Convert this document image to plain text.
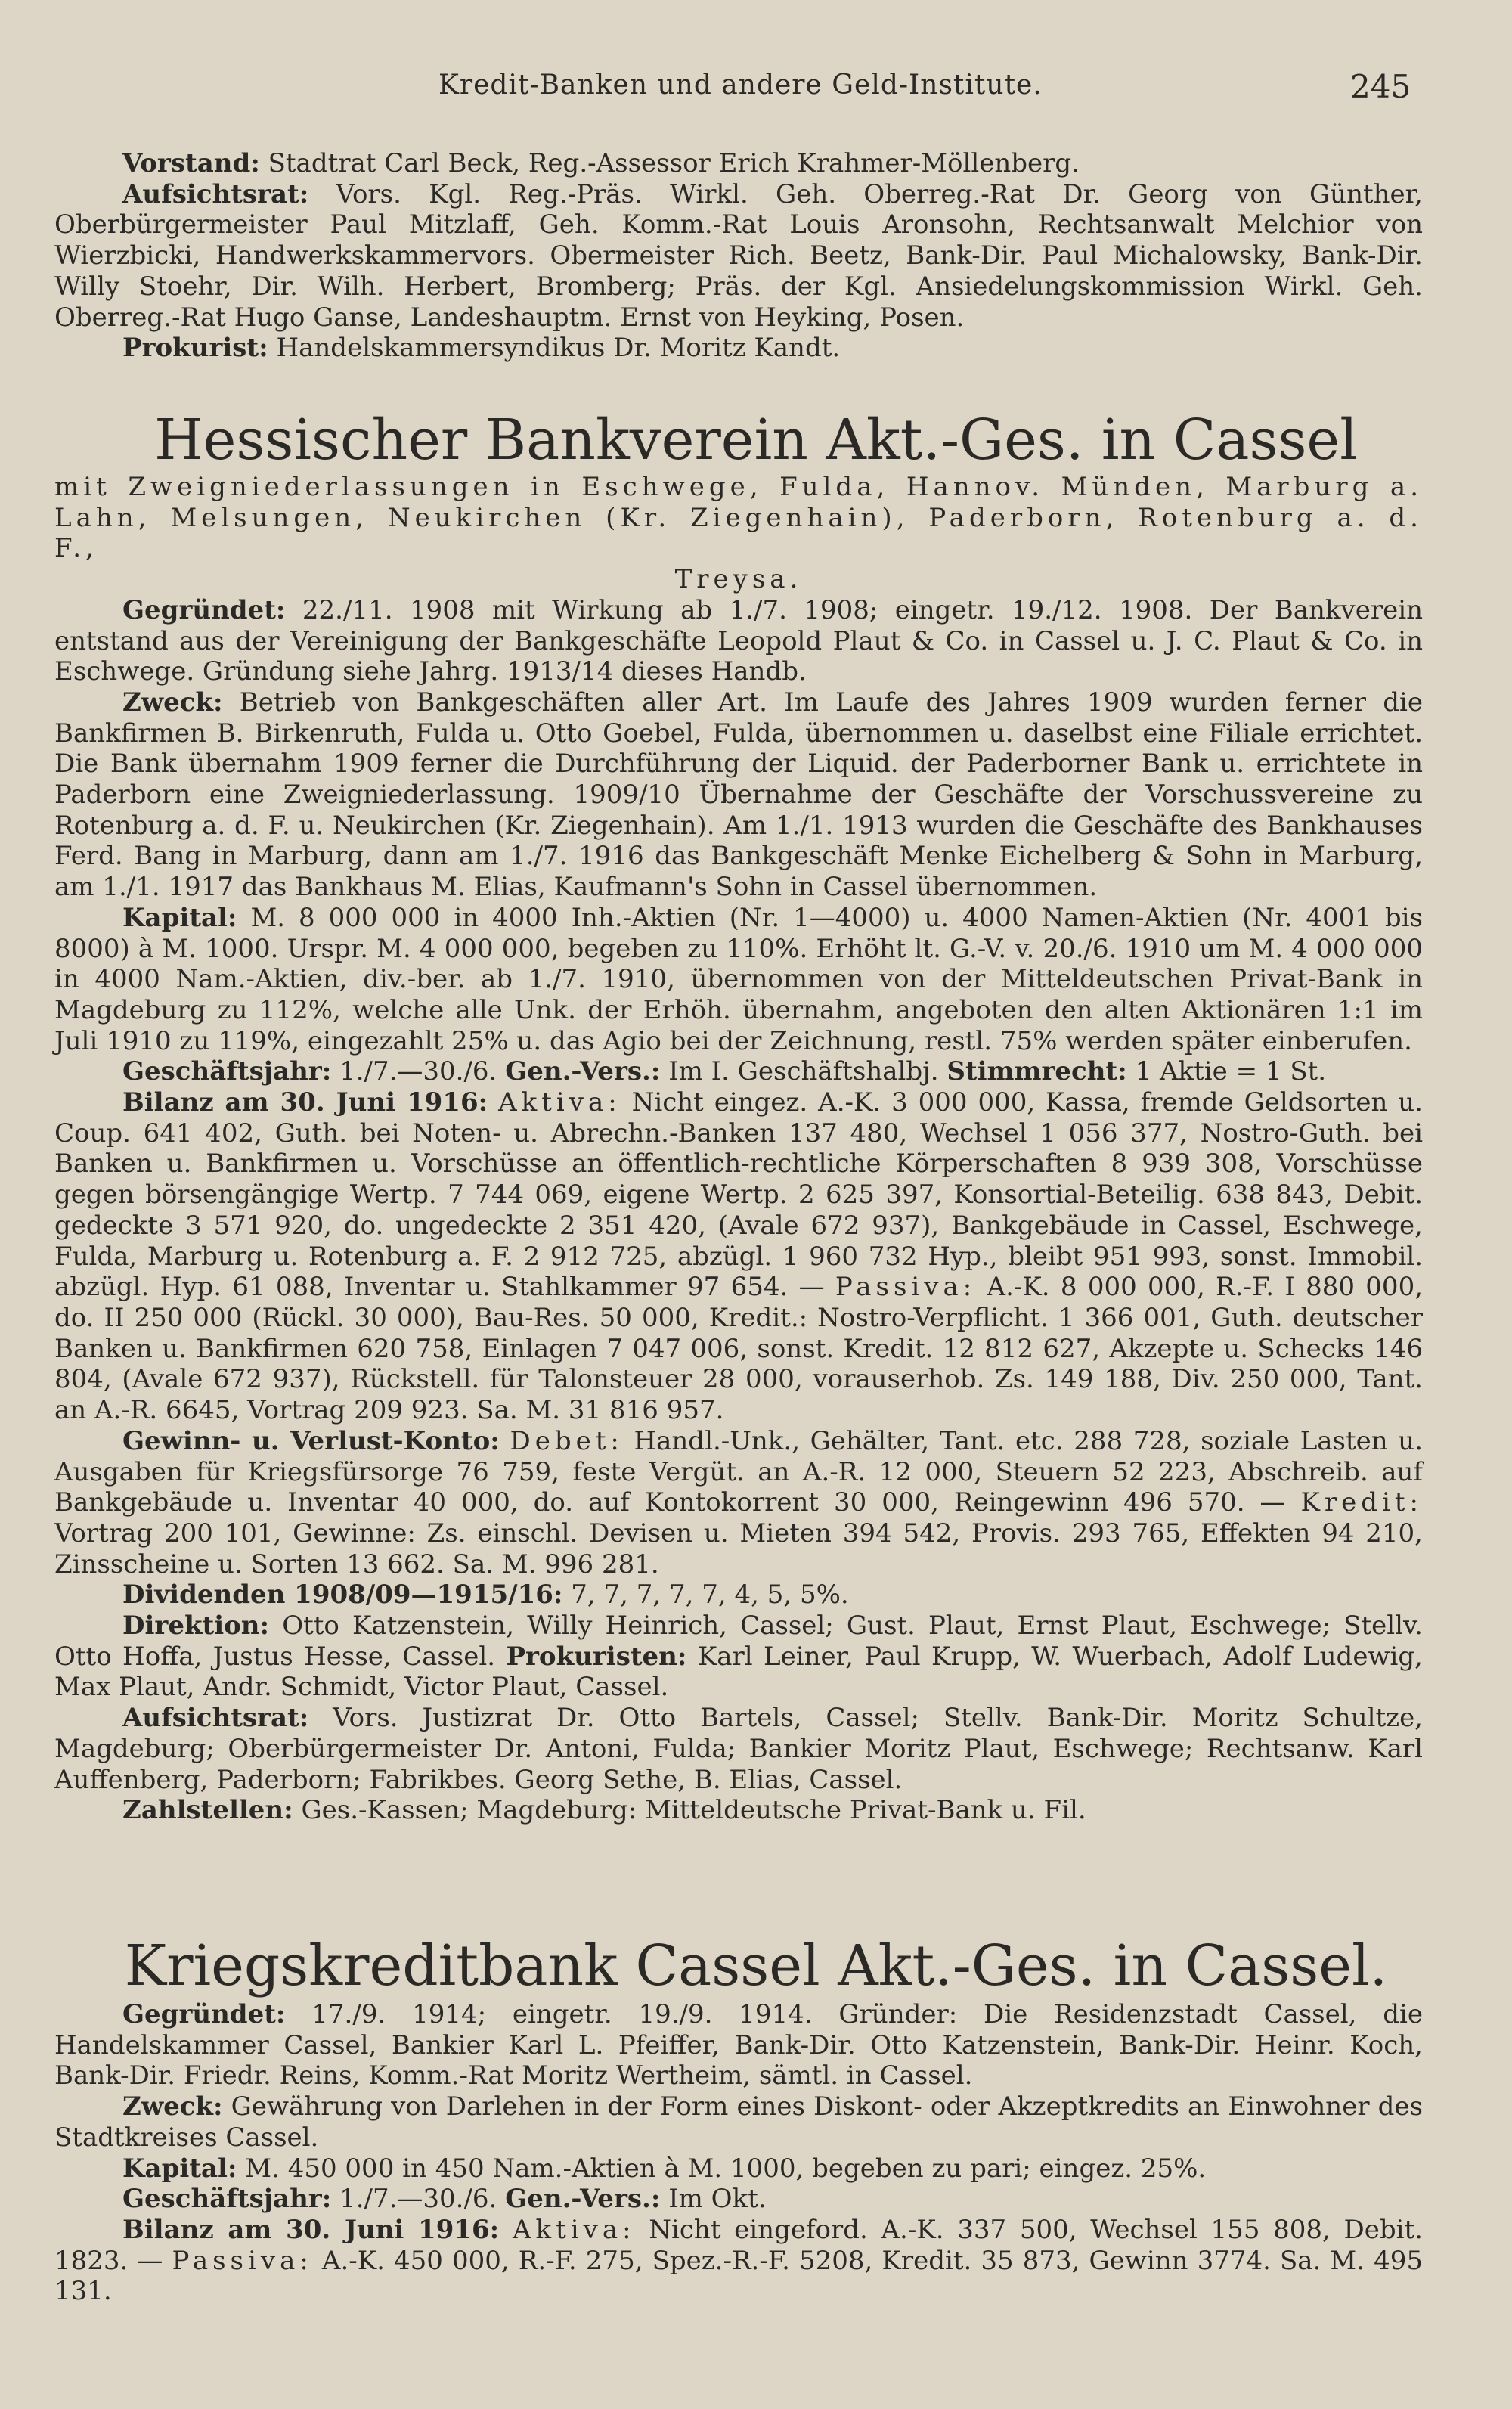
Kredit-Banken und andere Geld-Institute.	245

Vorstand: Stadtrat Carl Beck, Reg.-Assessor Erich Krahmer-Möllenberg.

Aufsichtsrat: Vors. Kgl. Reg.-Präs. Wirkl. Geh. Oberreg.-Rat Dr. Georg von Günther, Oberbürgermeister Paul Mitzlaff, Geh. Komm.-Rat Louis Aronsohn, Rechtsanwalt Melchior von Wierzbicki, Handwerkskammervors. Obermeister Rich. Beetz, Bank-Dir. Paul Michalowsky, Bank-Dir. Willy Stoehr, Dir. Wilh. Herbert, Bromberg; Präs. der Kgl. Ansiedelungskommission Wirkl. Geh. Oberreg.-Rat Hugo Ganse, Landeshauptm. Ernst von Heyking, Posen.

Prokurist: Handelskammersyndikus Dr. Moritz Kandt.

Hessischer Bankverein Akt.-Ges. in Cassel

mit Zweigniederlassungen in Eschwege, Fulda, Hannov. Münden, Marburg a. Lahn, Melsungen, Neukirchen (Kr. Ziegenhain), Paderborn, Rotenburg a. d. F.,

Treysa.

Gegründet: 22./11. 1908 mit Wirkung ab 1./7. 1908; eingetr. 19./12. 1908. Der Bankverein entstand aus der Vereinigung der Bankgeschäfte Leopold Plaut & Co. in Cassel u. J. C. Plaut & Co. in Eschwege. Gründung siehe Jahrg. 1913/14 dieses Handb.

Zweck: Betrieb von Bankgeschäften aller Art. Im Laufe des Jahres 1909 wurden ferner die Bankfirmen B. Birkenruth, Fulda u. Otto Goebel, Fulda, übernommen u. daselbst eine Filiale errichtet. Die Bank übernahm 1909 ferner die Durchführung der Liquid. der Paderborner Bank u. errichtete in Paderborn eine Zweigniederlassung. 1909/10 Übernahme der Geschäfte der Vorschussvereine zu Rotenburg a. d. F. u. Neukirchen (Kr. Ziegenhain). Am 1./1. 1913 wurden die Geschäfte des Bankhauses Ferd. Bang in Marburg, dann am 1./7. 1916 das Bankgeschäft Menke Eichelberg & Sohn in Marburg, am 1./1. 1917 das Bankhaus M. Elias, Kaufmann's Sohn in Cassel übernommen.

Kapital: M. 8 000 000 in 4000 Inh.-Aktien (Nr. 1—4000) u. 4000 Namen-Aktien (Nr. 4001 bis 8000) à M. 1000. Urspr. M. 4 000 000, begeben zu 110%. Erhöht lt. G.-V. v. 20./6. 1910 um M. 4 000 000 in 4000 Nam.-Aktien, div.-ber. ab 1./7. 1910, übernommen von der Mitteldeutschen Privat-Bank in Magdeburg zu 112%, welche alle Unk. der Erhöh. übernahm, angeboten den alten Aktionären 1:1 im Juli 1910 zu 119%, eingezahlt 25% u. das Agio bei der Zeichnung, restl. 75% werden später einberufen.

Geschäftsjahr: 1./7.—30./6. Gen.-Vers.: Im I. Geschäftshalbj. Stimmrecht: 1 Aktie = 1 St.

Bilanz am 30. Juni 1916: Aktiva: Nicht eingez. A.-K. 3 000 000, Kassa, fremde Geldsorten u. Coup. 641 402, Guth. bei Noten- u. Abrechn.-Banken 137 480, Wechsel 1 056 377, Nostro-Guth. bei Banken u. Bankfirmen u. Vorschüsse an öffentlich-rechtliche Körperschaften 8 939 308, Vorschüsse gegen börsengängige Wertp. 7 744 069, eigene Wertp. 2 625 397, Konsortial-Beteilig. 638 843, Debit. gedeckte 3 571 920, do. ungedeckte 2 351 420, (Avale 672 937), Bankgebäude in Cassel, Eschwege, Fulda, Marburg u. Rotenburg a. F. 2 912 725, abzügl. 1 960 732 Hyp., bleibt 951 993, sonst. Immobil. abzügl. Hyp. 61 088, Inventar u. Stahlkammer 97 654. — Passiva: A.-K. 8 000 000, R.-F. I 880 000, do. II 250 000 (Rückl. 30 000), Bau-Res. 50 000, Kredit.: Nostro-Verpflicht. 1 366 001, Guth. deutscher Banken u. Bankfirmen 620 758, Einlagen 7 047 006, sonst. Kredit. 12 812 627, Akzepte u. Schecks 146 804, (Avale 672 937), Rückstell. für Talonsteuer 28 000, vorauserhob. Zs. 149 188, Div. 250 000, Tant. an A.-R. 6645, Vortrag 209 923. Sa. M. 31 816 957.

Gewinn- u. Verlust-Konto: Debet: Handl.-Unk., Gehälter, Tant. etc. 288 728, soziale Lasten u. Ausgaben für Kriegsfürsorge 76 759, feste Vergüt. an A.-R. 12 000, Steuern 52 223, Abschreib. auf Bankgebäude u. Inventar 40 000, do. auf Kontokorrent 30 000, Reingewinn 496 570. — Kredit: Vortrag 200 101, Gewinne: Zs. einschl. Devisen u. Mieten 394 542, Provis. 293 765, Effekten 94 210, Zinsscheine u. Sorten 13 662. Sa. M. 996 281.

Dividenden 1908/09—1915/16: 7, 7, 7, 7, 7, 4, 5, 5%.

Direktion: Otto Katzenstein, Willy Heinrich, Cassel; Gust. Plaut, Ernst Plaut, Eschwege; Stellv. Otto Hoffa, Justus Hesse, Cassel. Prokuristen: Karl Leiner, Paul Krupp, W. Wuerbach, Adolf Ludewig, Max Plaut, Andr. Schmidt, Victor Plaut, Cassel.

Aufsichtsrat: Vors. Justizrat Dr. Otto Bartels, Cassel; Stellv. Bank-Dir. Moritz Schultze, Magdeburg; Oberbürgermeister Dr. Antoni, Fulda; Bankier Moritz Plaut, Eschwege; Rechtsanw. Karl Auffenberg, Paderborn; Fabrikbes. Georg Sethe, B. Elias, Cassel.

Zahlstellen: Ges.-Kassen; Magdeburg: Mitteldeutsche Privat-Bank u. Fil.

Kriegskreditbank Cassel Akt.-Ges. in Cassel.

Gegründet: 17./9. 1914; eingetr. 19./9. 1914. Gründer: Die Residenzstadt Cassel, die Handelskammer Cassel, Bankier Karl L. Pfeiffer, Bank-Dir. Otto Katzenstein, Bank-Dir. Heinr. Koch, Bank-Dir. Friedr. Reins, Komm.-Rat Moritz Wertheim, sämtl. in Cassel.

Zweck: Gewährung von Darlehen in der Form eines Diskont- oder Akzeptkredits an Einwohner des Stadtkreises Cassel.

Kapital: M. 450 000 in 450 Nam.-Aktien à M. 1000, begeben zu pari; eingez. 25%.

Geschäftsjahr: 1./7.—30./6. Gen.-Vers.: Im Okt.

Bilanz am 30. Juni 1916: Aktiva: Nicht eingeford. A.-K. 337 500, Wechsel 155 808, Debit. 1823. — Passiva: A.-K. 450 000, R.-F. 275, Spez.-R.-F. 5208, Kredit. 35 873, Gewinn 3774. Sa. M. 495 131.
